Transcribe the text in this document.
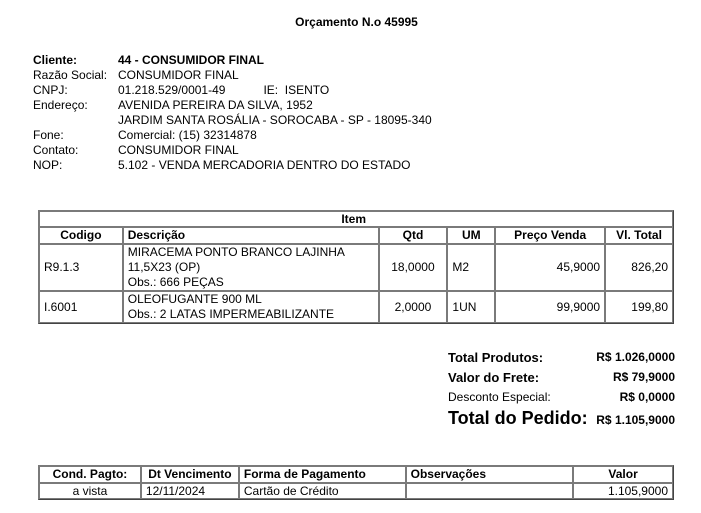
Orçamento N.o 45995
Cliente:	44 - CONSUMIDOR FINAL
Razão Social: CONSUMIDOR FINAL
CNPJ:	01.218.529/0001-49	IE: ISENTO
Endereço:	AVENIDA PEREIRA DA SILVA, 1952
JARDIM SANTA ROSÁLIA - SOROCABA - SP - 18095-340
Fone:	Comercial: (15) 32314878
Contato:	CONSUMIDOR FINAL
NOP:	5.102 - VENDA MERCADORIA DENTRO DO ESTADO
Item					
Codigo	Descrição	Qtd	UM	Preço Venda	Vl. Total
R9.1.3	MIRACEMA PONTO BRANCO LAJINHA
11,5X23 (OP)
Obs.: 666 PEÇAS	18,0000	M2	45,9000	826,20
I.6001	OLEOFUGANTE 900 ML
Obs.: 2 LATAS IMPERMEABILIZANTE	2,0000	1UN	99,9000	199,80
Total Produtos:	R$ 1.026,0000
Valor do Frete:	R$ 79,9000
Desconto Especial:	R$ 0,0000
Total do Pedido: R$ 1.105,9000
Cond. Pagto:	Dt Vencimento	Forma de Pagamento	Observações	Valor
a vista	12/11/2024	Cartão de Crédito		1.105,9000
